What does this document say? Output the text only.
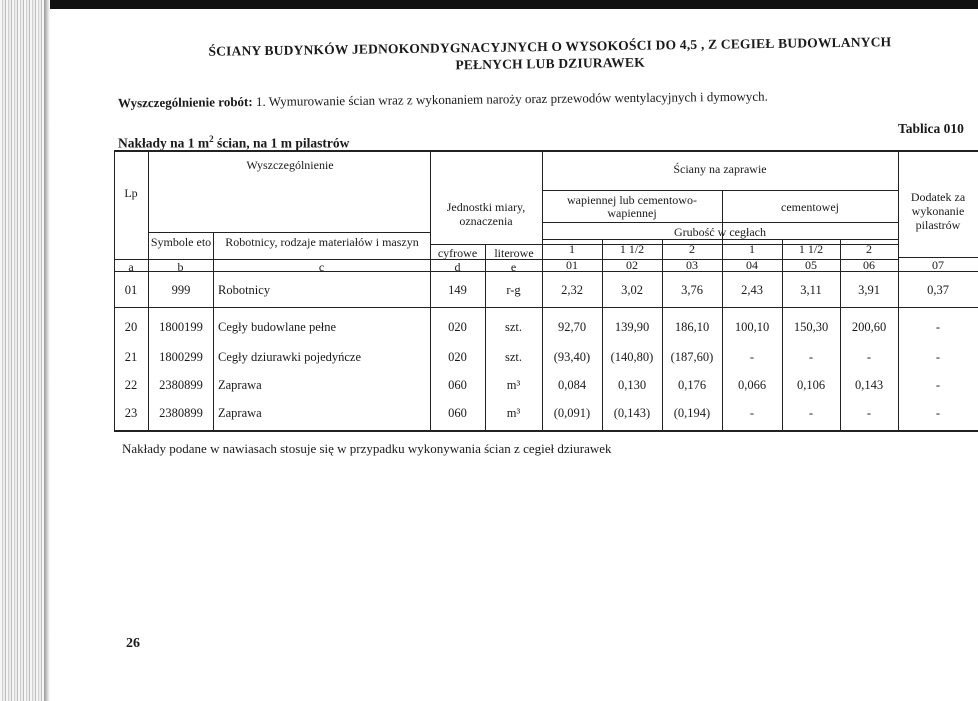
ŚCIANY BUDYNKÓW JEDNOKONDYGNACYJNYCH O WYSOKOŚCI DO 4,5 , Z CEGIEŁ BUDOWLANYCH
PEŁNYCH LUB DZIURAWEK
Wyszczególnienie robót: 1. Wymurowanie ścian wraz z wykonaniem naroży oraz przewodów wentylacyjnych i dymowych.
Nakłady na 1 $m^2$ ścian, na 1 m pilastrów
Tablica 010
Lp
Wyszczególnienie
Symbole eto	Robotnicy, rodzaje materiałów i maszyn
Jednostki miary, oznaczenia
cyfrowe	literowe
Ściany na zaprawie
wapiennej lub cementowo-wapiennej	cementowej
Grubość w cegłach
Dodatek za wykonanie pilastrów
1	1 1/2	2	1	1 1/2	2
a	b	c	d	e	01	02	03	04	05	06	07
01	999	Robotnicy	149	r-g	2,32	3,02	3,76	2,43	3,11	3,91	0,37
20	1800199	Cegły budowlane pełne	020	szt.	92,70	139,90	186,10	100,10	150,30	200,60	-
21	1800299	Cegły dziurawki pojedyńcze	020	szt.	(93,40)	(140,80)	(187,60)	-	-	-	-
22	2380899	Zaprawa	060	m³	0,084	0,130	0,176	0,066	0,106	0,143	-
23	2380899	Zaprawa	060	m³	(0,091)	(0,143)	(0,194)	-	-	-	-
Nakłady podane w nawiasach stosuje się w przypadku wykonywania ścian z cegieł dziurawek
26
